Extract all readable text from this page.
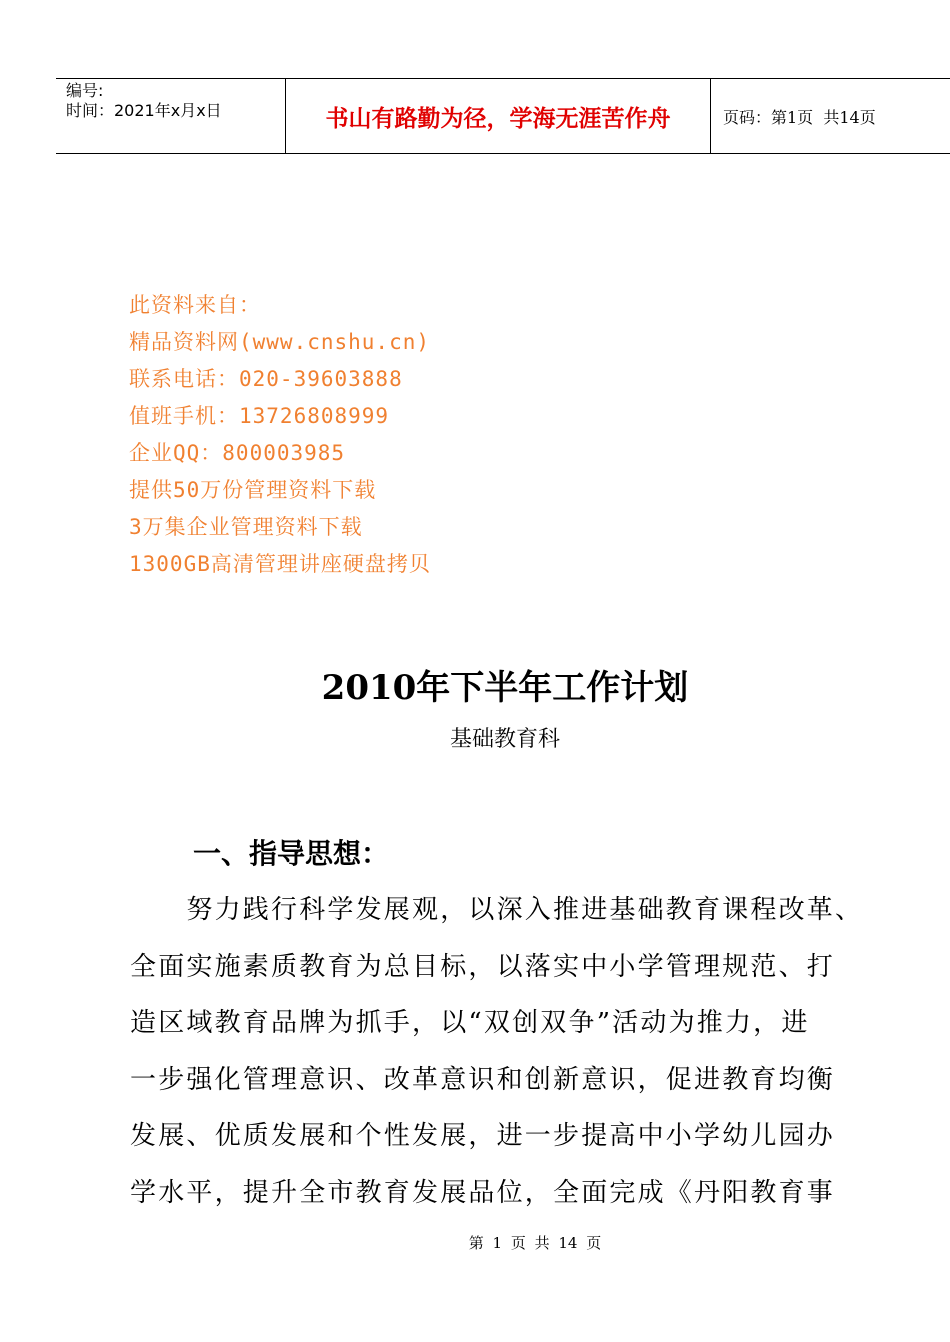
编号:
时间：2021年x月x日	书山有路勤为径，学海无涯苦作舟	页码：第1页  共14页
此资料来自：
精品资料网(www.cnshu.cn)
联系电话：020-39603888
值班手机：13726808999
企业QQ：800003985
提供50万份管理资料下载
3万集企业管理资料下载
1300GB高清管理讲座硬盘拷贝
2010年下半年工作计划
基础教育科
一、指导思想：
　　努力践行科学发展观，以深入推进基础教育课程改革、
全面实施素质教育为总目标，以落实中小学管理规范、打
造区域教育品牌为抓手，以“双创双争”活动为推力，进
一步强化管理意识、改革意识和创新意识，促进教育均衡
发展、优质发展和个性发展，进一步提高中小学幼儿园办
学水平，提升全市教育发展品位，全面完成《丹阳教育事
第 1 页 共 14 页
